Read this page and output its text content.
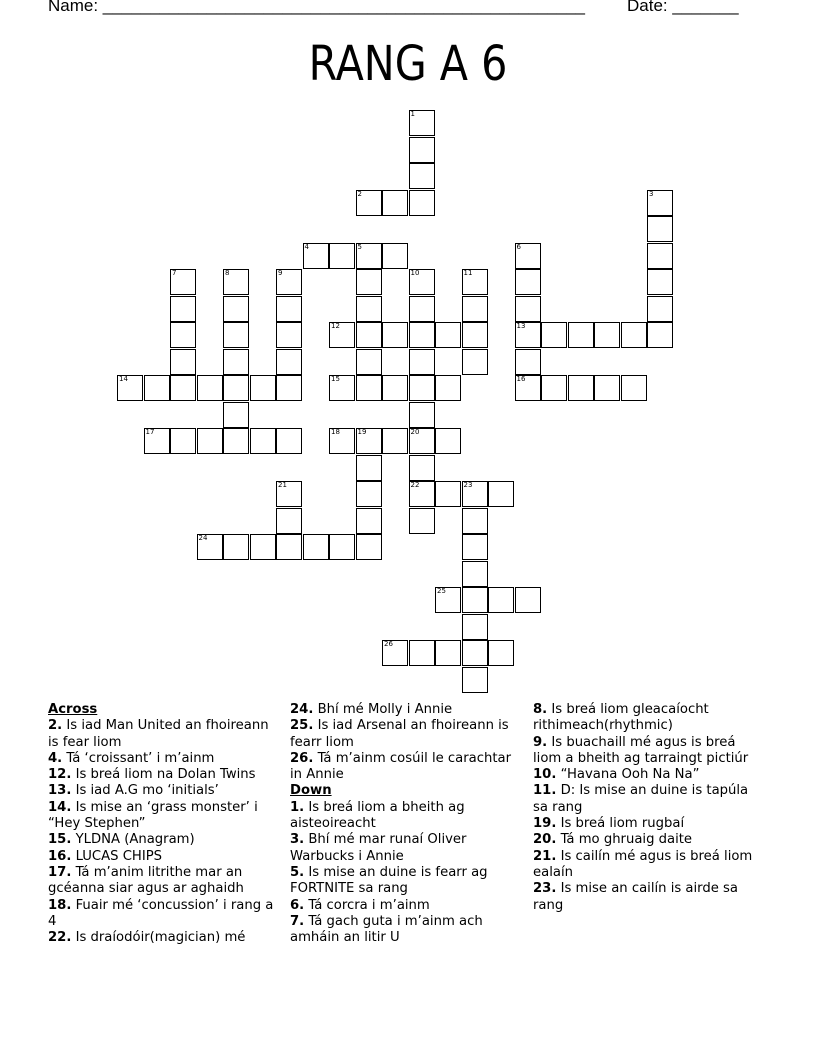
Name: ___________________________________________________ Date: _______
RANG A 6
2
4	5
12	13
14	15	16
17	18	19	20
22	23
24
25
26
1
3
6
7	8	9	10	11
21
Across
2. Is iad Man United an fhoireann is fear liom
4. Tá ‘croissant’ i m’ainm
12. Is breá liom na Dolan Twins
13. Is iad A.G mo ‘initials’
14. Is mise an ‘grass monster’ i “Hey Stephen”
15. YLDNA (Anagram)
16. LUCAS CHIPS
17. Tá m’anim litrithe mar an gcéanna siar agus ar aghaidh
18. Fuair mé ‘concussion’ i rang a 4
22. Is draíodóir(magician) mé
24. Bhí mé Molly i Annie
25. Is iad Arsenal an fhoireann is fearr liom
26. Tá m’ainm cosúil le carachtar in Annie
Down
1. Is breá liom a bheith ag aisteoireacht
3. Bhí mé mar runaí Oliver Warbucks i Annie
5. Is mise an duine is fearr ag FORTNITE sa rang
6. Tá corcra i m’ainm
7. Tá gach guta i m’ainm ach amháin an litir U
8. Is breá liom gleacaíocht rithimeach(rhythmic)
9. Is buachaill mé agus is breá liom a bheith ag tarraingt pictiúr
10. “Havana Ooh Na Na”
11. D: Is mise an duine is tapúla sa rang
19. Is breá liom rugbaí
20. Tá mo ghruaig daite
21. Is cailín mé agus is breá liom ealaín
23. Is mise an cailín is airde sa rang
